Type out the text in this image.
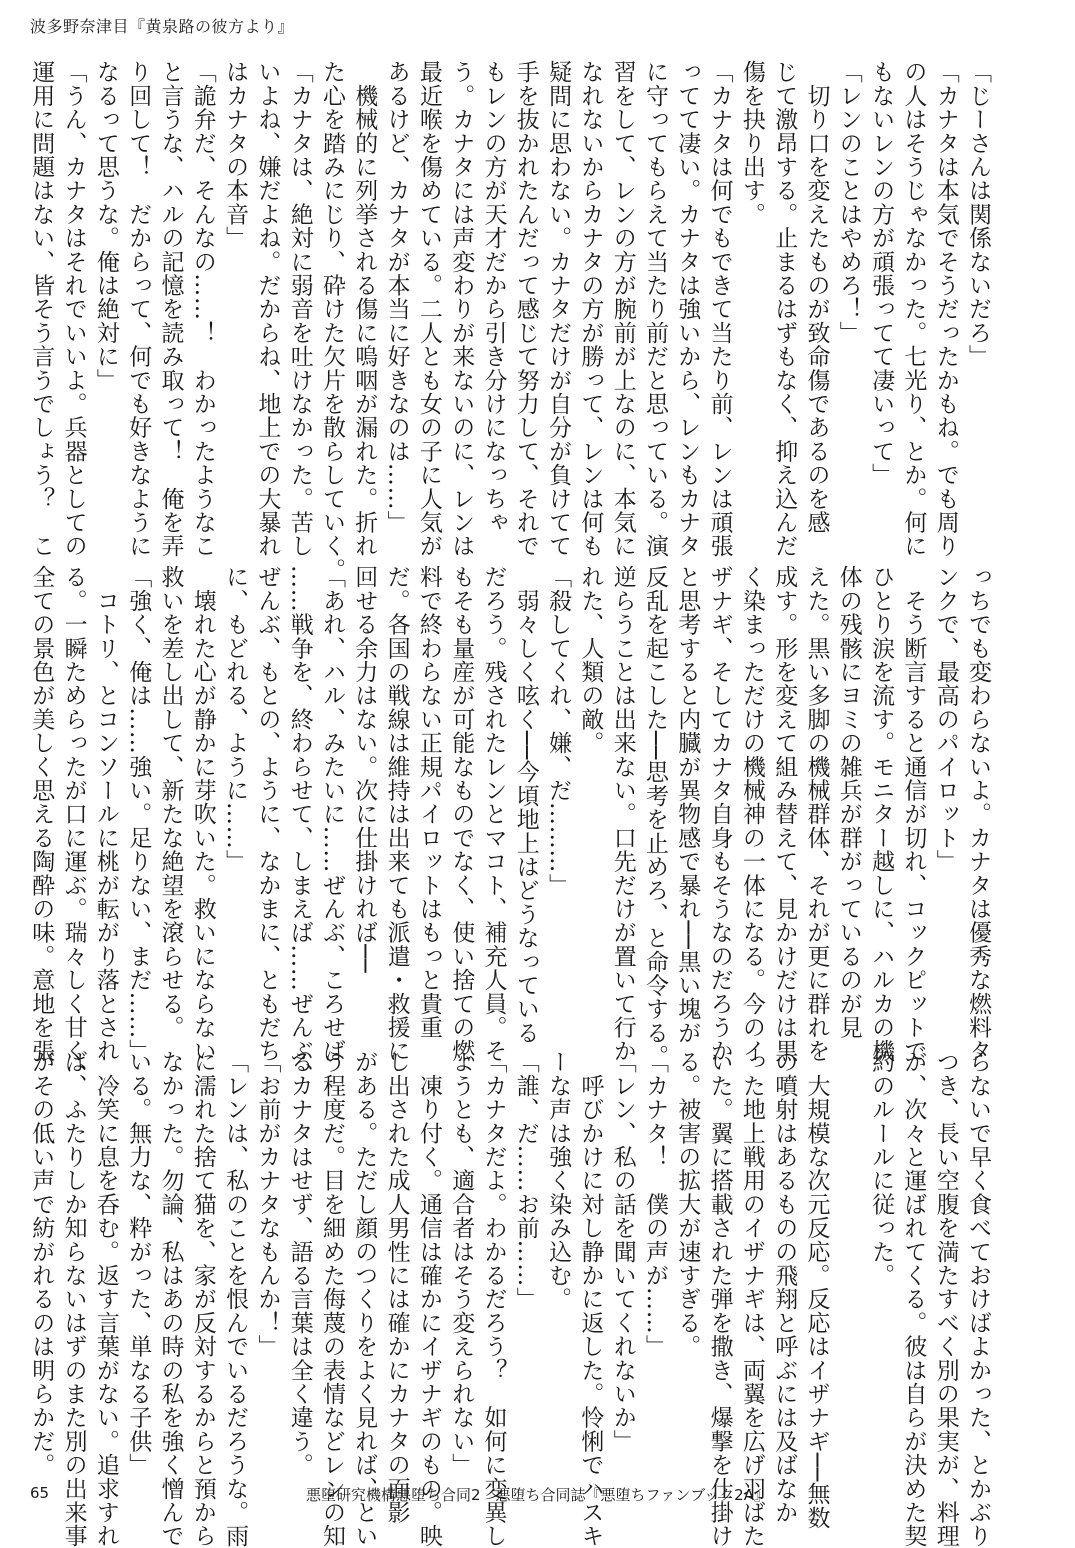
波多野奈津目『黄泉路の彼方より』
「じーさんは関係ないだろ」
「カナタは本気でそうだったかもね。でも周り
の人はそうじゃなかった。七光り、とか。何に
もないレンの方が頑張ってて凄いって」
「レンのことはやめろ！」
　切り口を変えたものが致命傷であるのを感
じて激昂する。止まるはずもなく、抑え込んだ
傷を抉り出す。
「カナタは何でもできて当たり前、レンは頑張
ってて凄い。カナタは強いから、レンもカナタ
に守ってもらえて当たり前だと思っている。演
習をして、レンの方が腕前が上なのに、本気に
なれないからカナタの方が勝って、レンは何も
疑問に思わない。カナタだけが自分が負けてて
手を抜かれたんだって感じて努力して、それで
もレンの方が天才だから引き分けになっちゃ
う。カナタには声変わりが来ないのに、レンは
最近喉を傷めている。二人とも女の子に人気が
あるけど、カナタが本当に好きなのは……」
　機械的に列挙される傷に嗚咽が漏れた。折れ
た心を踏みにじり、砕けた欠片を散らしていく。
「カナタは、絶対に弱音を吐けなかった。苦し
いよね、嫌だよね。だからね、地上での大暴れ
はカナタの本音」
「詭弁だ、そんなの……！　わかったようなこ
と言うな、ハルの記憶を読み取って！　俺を弄
り回して！　だからって、何でも好きなように
なるって思うな。俺は絶対に」
「うん、カナタはそれでいいよ。兵器としての
運用に問題はない、皆そう言うでしょう？　こ
っちでも変わらないよ。カナタは優秀な燃料タ
ンクで、最高のパイロット」
　そう断言すると通信が切れ、コックピットで
ひとり涙を流す。モニター越しに、ハルカの機
体の残骸にヨミの雑兵が群がっているのが見
えた。黒い多脚の機械群体、それが更に群れを
成す。形を変えて組み替えて、見かけだけは黒
く染まっただけの機械神の一体になる。今のイ
ザナギ、そしてカナタ自身もそうなのだろうか
と思考すると内臓が異物感で暴れ──黒い塊が
反乱を起こした──思考を止めろ、と命令する。
逆らうことは出来ない。口先だけが置いて行か
れた、人類の敵。
「殺してくれ、嫌、だ………」
　弱々しく呟く──今頃地上はどうなっている
だろう。残されたレンとマコト、補充人員。そ
もそも量産が可能なものでなく、使い捨ての燃
料で終わらない正規パイロットはもっと貴重
だ。各国の戦線は維持は出来ても派遣・救援に
回せる余力はない。次に仕掛ければ──
「あれ、ハル、みたいに……ぜんぶ、ころせば
……戦争を、終わらせて、しまえば……ぜんぶ、
ぜんぶ、もとの、ように、なかまに、ともだち
に、もどれる、ように……」
　壊れた心が静かに芽吹いた。救いにならない
救いを差し出して、新たな絶望を滾らせる。
「強く、俺は……強い。足りない、まだ……」
　コトリ、とコンソールに桃が転がり落とされ
る。一瞬ためらったが口に運ぶ。瑞々しく甘く、
全ての景色が美しく思える陶酔の味。意地を張
らないで早く食べておけばよかった、とかぶり
つき、長い空腹を満たすべく別の果実が、料理
が、次々と運ばれてくる。彼は自らが決めた契
約のルールに従った。
　大規模な次元反応。反応はイザナギ──無数
の噴射はあるものの飛翔と呼ぶには及ばなか
った地上戦用のイザナギは、両翼を広げ羽ばた
いた。翼に搭載された弾を撒き、爆撃を仕掛け
る。被害の拡大が速すぎる。
「カナタ！　僕の声が……」
「レン、私の話を聞いてくれないか」
　呼びかけに対し静かに返した。怜悧でハスキ
ーな声は強く染み込む。
「誰、だ……お前……」
「カナタだよ。わかるだろう？　如何に変異し
ようとも、適合者はそう変えられない」
　凍り付く。通信は確かにイザナギのもの。映
し出された成人男性には確かにカナタの面影
がある。ただし顔のつくりをよく見れば、とい
う程度だ。目を細めた侮蔑の表情などレンの知
るカナタはせず、語る言葉は全く違う。
「お前がカナタなもんか！」
「レンは、私のことを恨んでいるだろうな。雨
に濡れた捨て猫を、家が反対するからと預から
なかった。勿論、私はあの時の私を強く憎んで
いる。無力な、粋がった、単なる子供」
　冷笑に息を呑む。返す言葉がない。追求すれ
ば、ふたりしか知らないはずのまた別の出来事
がその低い声で紡がれるのは明らかだ。
65	悪堕研究機構悪堕ち合同2　悪堕ち合同誌『悪堕ちファンブック2A』
